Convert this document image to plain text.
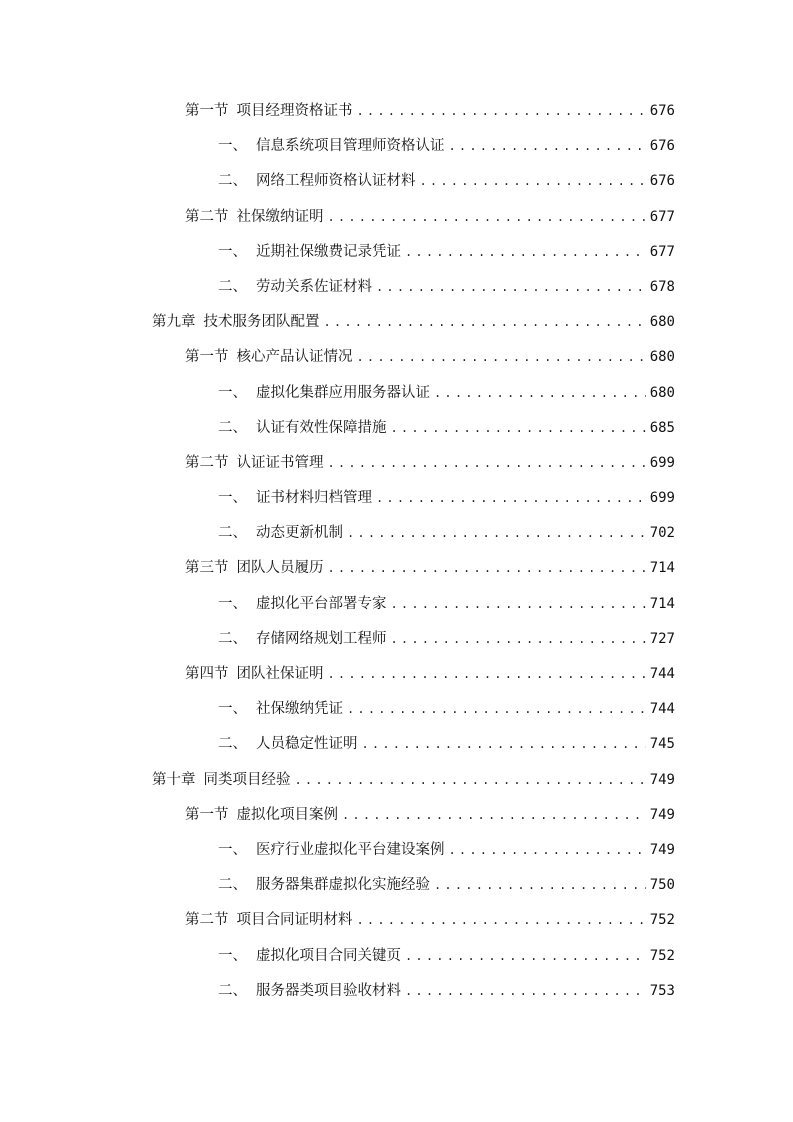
第一节 项目经理资格证书 .....	676
一、 信息系统项目管理师资格认证 .....	676
二、 网络工程师资格认证材料 .....	676
第二节 社保缴纳证明 .....	677
一、 近期社保缴费记录凭证 .....	677
二、 劳动关系佐证材料 .....	678
第九章 技术服务团队配置 .....	680
第一节 核心产品认证情况 .....	680
一、 虚拟化集群应用服务器认证 .....	680
二、 认证有效性保障措施 .....	685
第二节 认证证书管理 .....	699
一、 证书材料归档管理 .....	699
二、 动态更新机制 .....	702
第三节 团队人员履历 .....	714
一、 虚拟化平台部署专家 .....	714
二、 存储网络规划工程师 .....	727
第四节 团队社保证明 .....	744
一、 社保缴纳凭证 .....	744
二、 人员稳定性证明 .....	745
第十章 同类项目经验 .....	749
第一节 虚拟化项目案例 .....	749
一、 医疗行业虚拟化平台建设案例 .....	749
二、 服务器集群虚拟化实施经验 .....	750
第二节 项目合同证明材料 .....	752
一、 虚拟化项目合同关键页 .....	752
二、 服务器类项目验收材料 .....	753
